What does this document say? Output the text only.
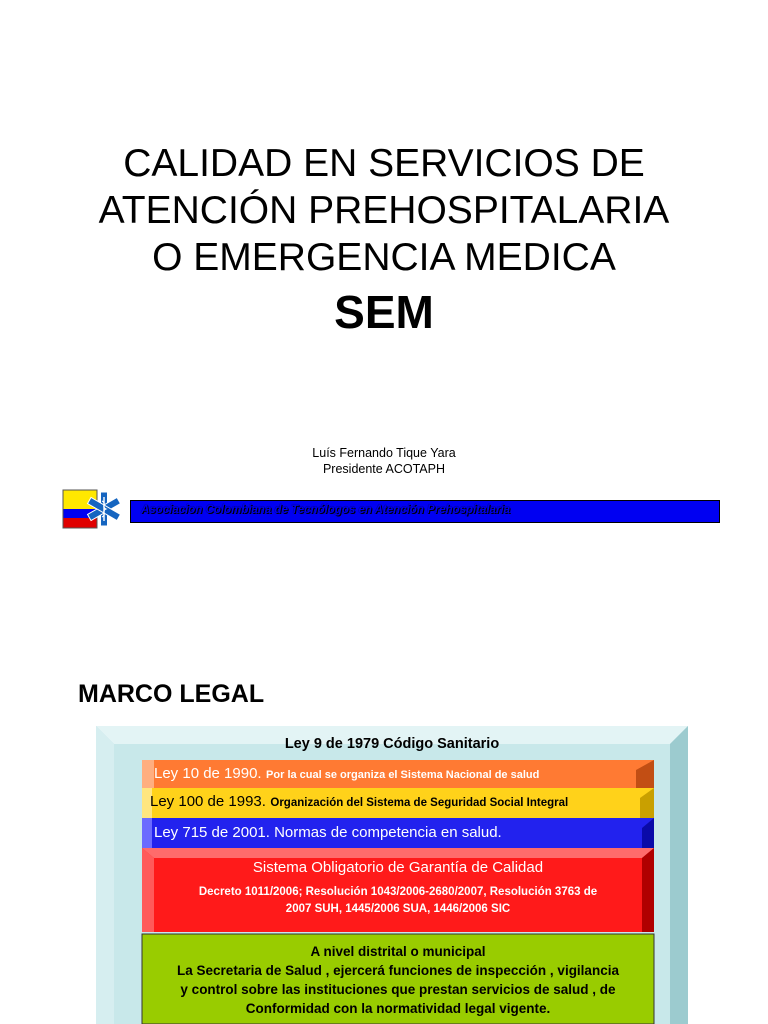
CALIDAD EN SERVICIOS DE
ATENCIÓN PREHOSPITALARIA
O EMERGENCIA MEDICA
SEM
Luís Fernando Tique Yara
Presidente ACOTAPH
Asociacion Colombiana de Tecnólogos en Atención Prehospitalaria
MARCO LEGAL
Ley 9 de 1979 Código Sanitario
Ley 10 de 1990. Por la cual se organiza el Sistema Nacional de salud
Ley 100 de 1993. Organización del Sistema de Seguridad Social Integral
Ley 715 de 2001. Normas de competencia en salud.
Sistema Obligatorio de Garantía de Calidad
Decreto 1011/2006; Resolución 1043/2006-2680/2007, Resolución 3763 de
2007 SUH, 1445/2006 SUA, 1446/2006 SIC
A nivel distrital o municipal
La Secretaria de Salud , ejercerá funciones de inspección , vigilancia
y control sobre las instituciones que prestan servicios de salud , de
Conformidad con la normatividad legal vigente.
